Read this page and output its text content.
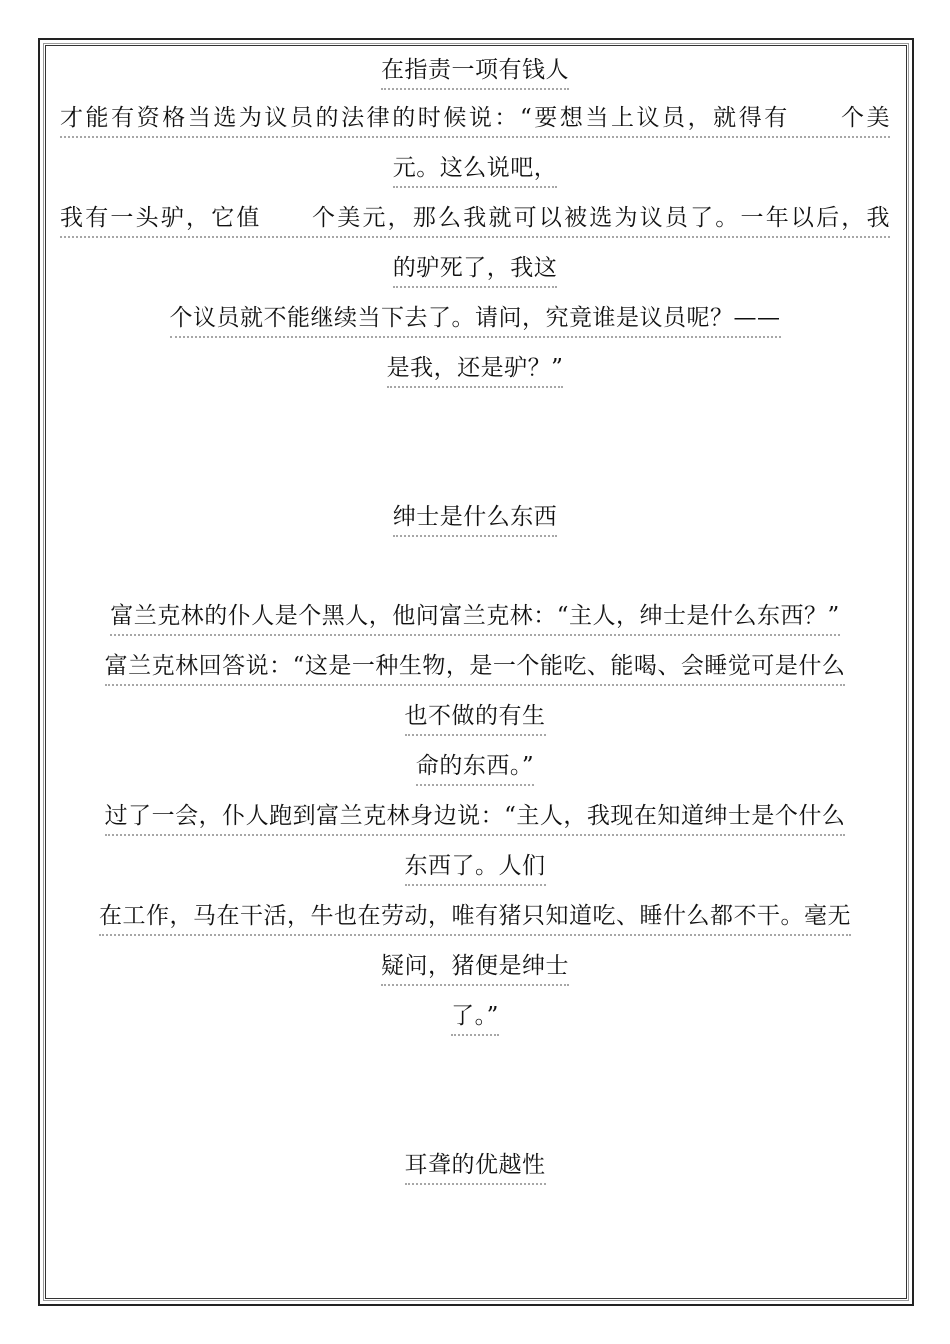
在指责一项有钱人
才能有资格当选为议员的法律的时候说：“要想当上议员，就得有　　个美
元。这么说吧，
我有一头驴，它值　　个美元，那么我就可以被选为议员了。一年以后，我
的驴死了，我这
个议员就不能继续当下去了。请问，究竟谁是议员呢？——
是我，还是驴？”
绅士是什么东西
富兰克林的仆人是个黑人，他问富兰克林：“主人，绅士是什么东西？”
富兰克林回答说：“这是一种生物，是一个能吃、能喝、会睡觉可是什么
也不做的有生
命的东西。”
过了一会，仆人跑到富兰克林身边说：“主人，我现在知道绅士是个什么
东西了。人们
在工作，马在干活，牛也在劳动，唯有猪只知道吃、睡什么都不干。毫无
疑问，猪便是绅士
了。”
耳聋的优越性
